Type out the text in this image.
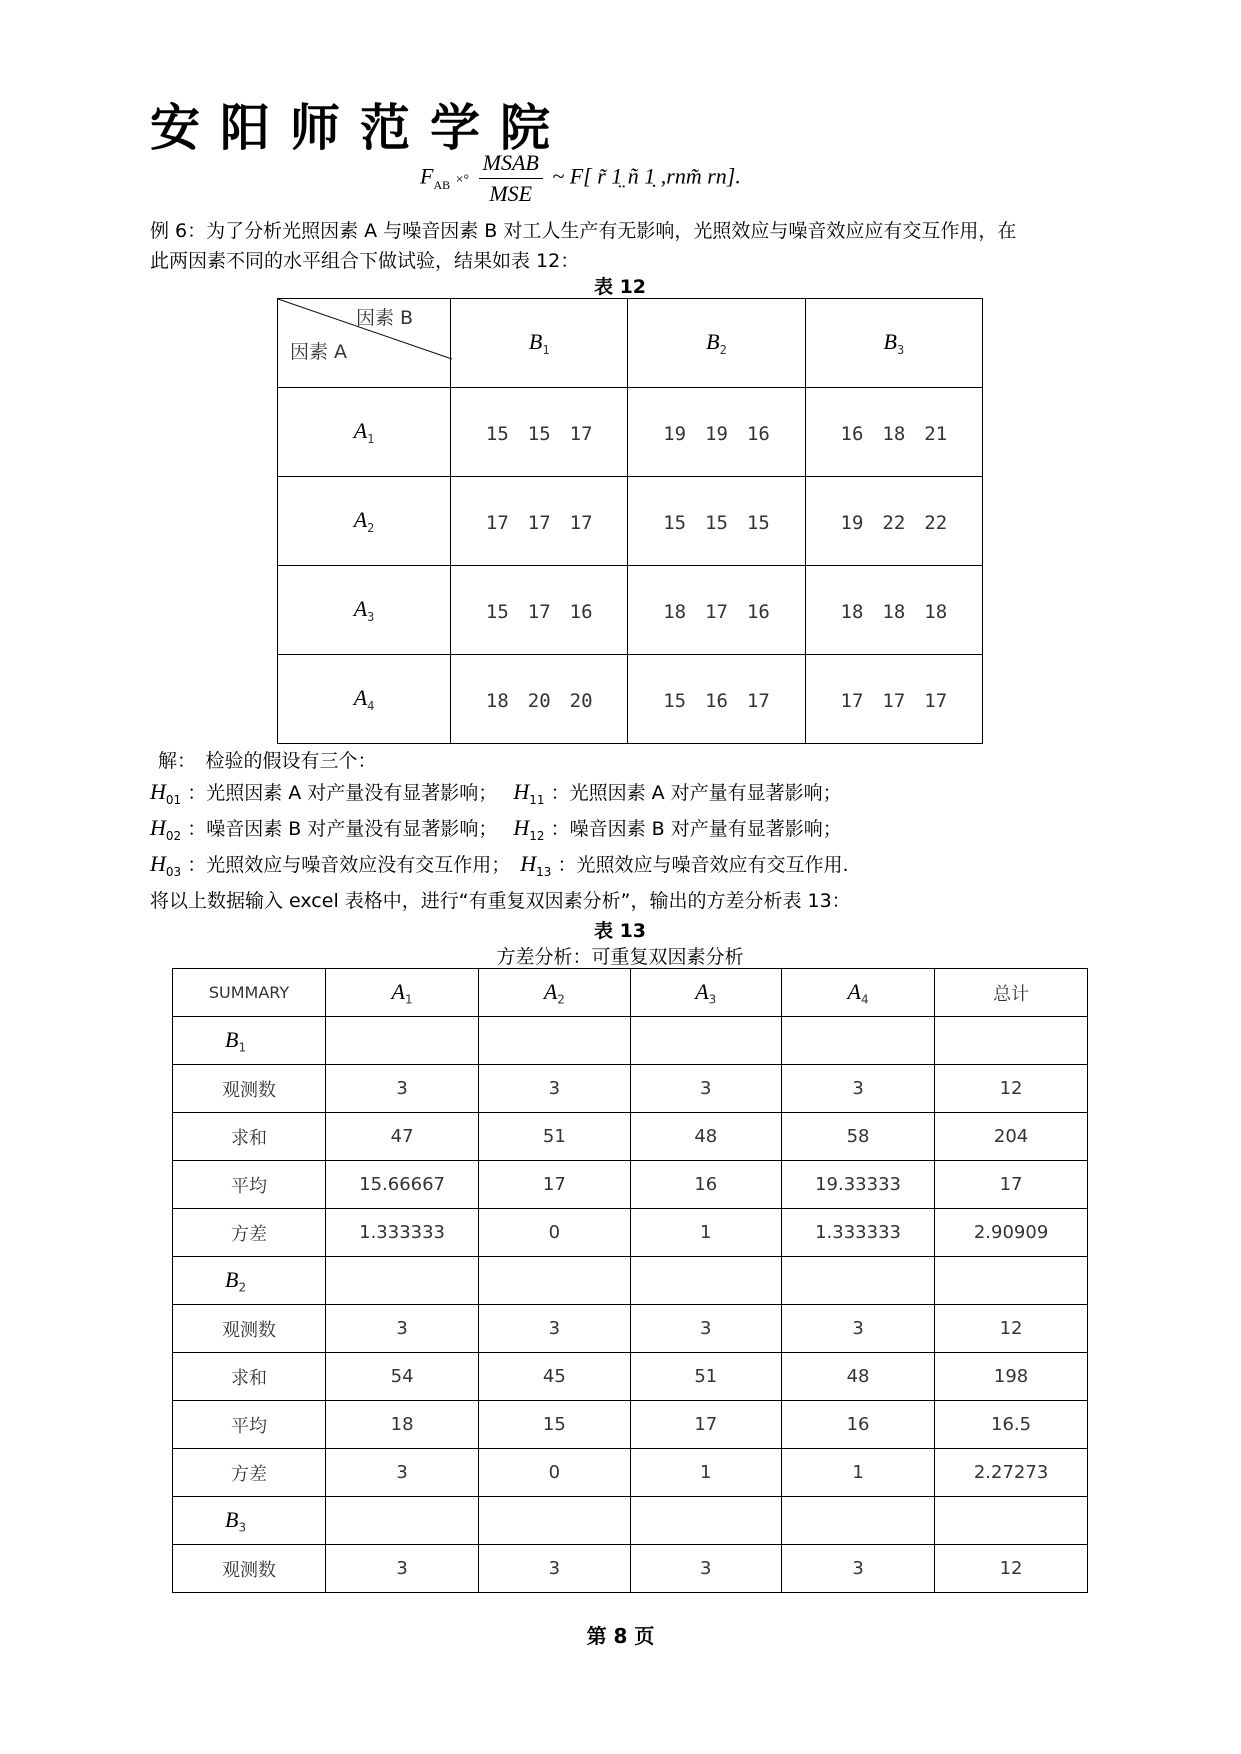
安阳师范学院
$F_{AB}$ ×° $\frac{\text{MSAB}}{\text{MSE}}$ ~ F[ r̃ 1̤ ñ 1̣ ,rnm̃ rn].
例 6：为了分析光照因素 A 与噪音因素 B 对工人生产有无影响，光照效应与噪音效应应有交互作用，在
此两因素不同的水平组合下做试验，结果如表 12：
表 12
因素 B
因素 A	$B_1$	$B_2$	$B_3$
$A_1$	15　15　17	19　19　16	16　18　21
$A_2$	17　17　17	15　15　15	19　22　22
$A_3$	15　17　16	18　17　16	18　18　18
$A_4$	18　20　20	15　16　17	17　17　17
解：　检验的假设有三个：
$H_{01}$ ：光照因素 A 对产量没有显著影响； $H_{11}$ ：光照因素 A 对产量有显著影响；
$H_{02}$ ：噪音因素 B 对产量没有显著影响； $H_{12}$ ：噪音因素 B 对产量有显著影响；
$H_{03}$ ：光照效应与噪音效应没有交互作用； $H_{13}$ ：光照效应与噪音效应有交互作用.
将以上数据输入 excel 表格中，进行“有重复双因素分析”，输出的方差分析表 13：
表 13
方差分析：可重复双因素分析
SUMMARY	$A_1$	$A_2$	$A_3$	$A_4$	总计
$B_1$					
观测数	3	3	3	3	12
求和	47	51	48	58	204
平均	15.66667	17	16	19.33333	17
方差	1.333333	0	1	1.333333	2.90909
$B_2$					
观测数	3	3	3	3	12
求和	54	45	51	48	198
平均	18	15	17	16	16.5
方差	3	0	1	1	2.27273
$B_3$					
观测数	3	3	3	3	12
第 8 页
